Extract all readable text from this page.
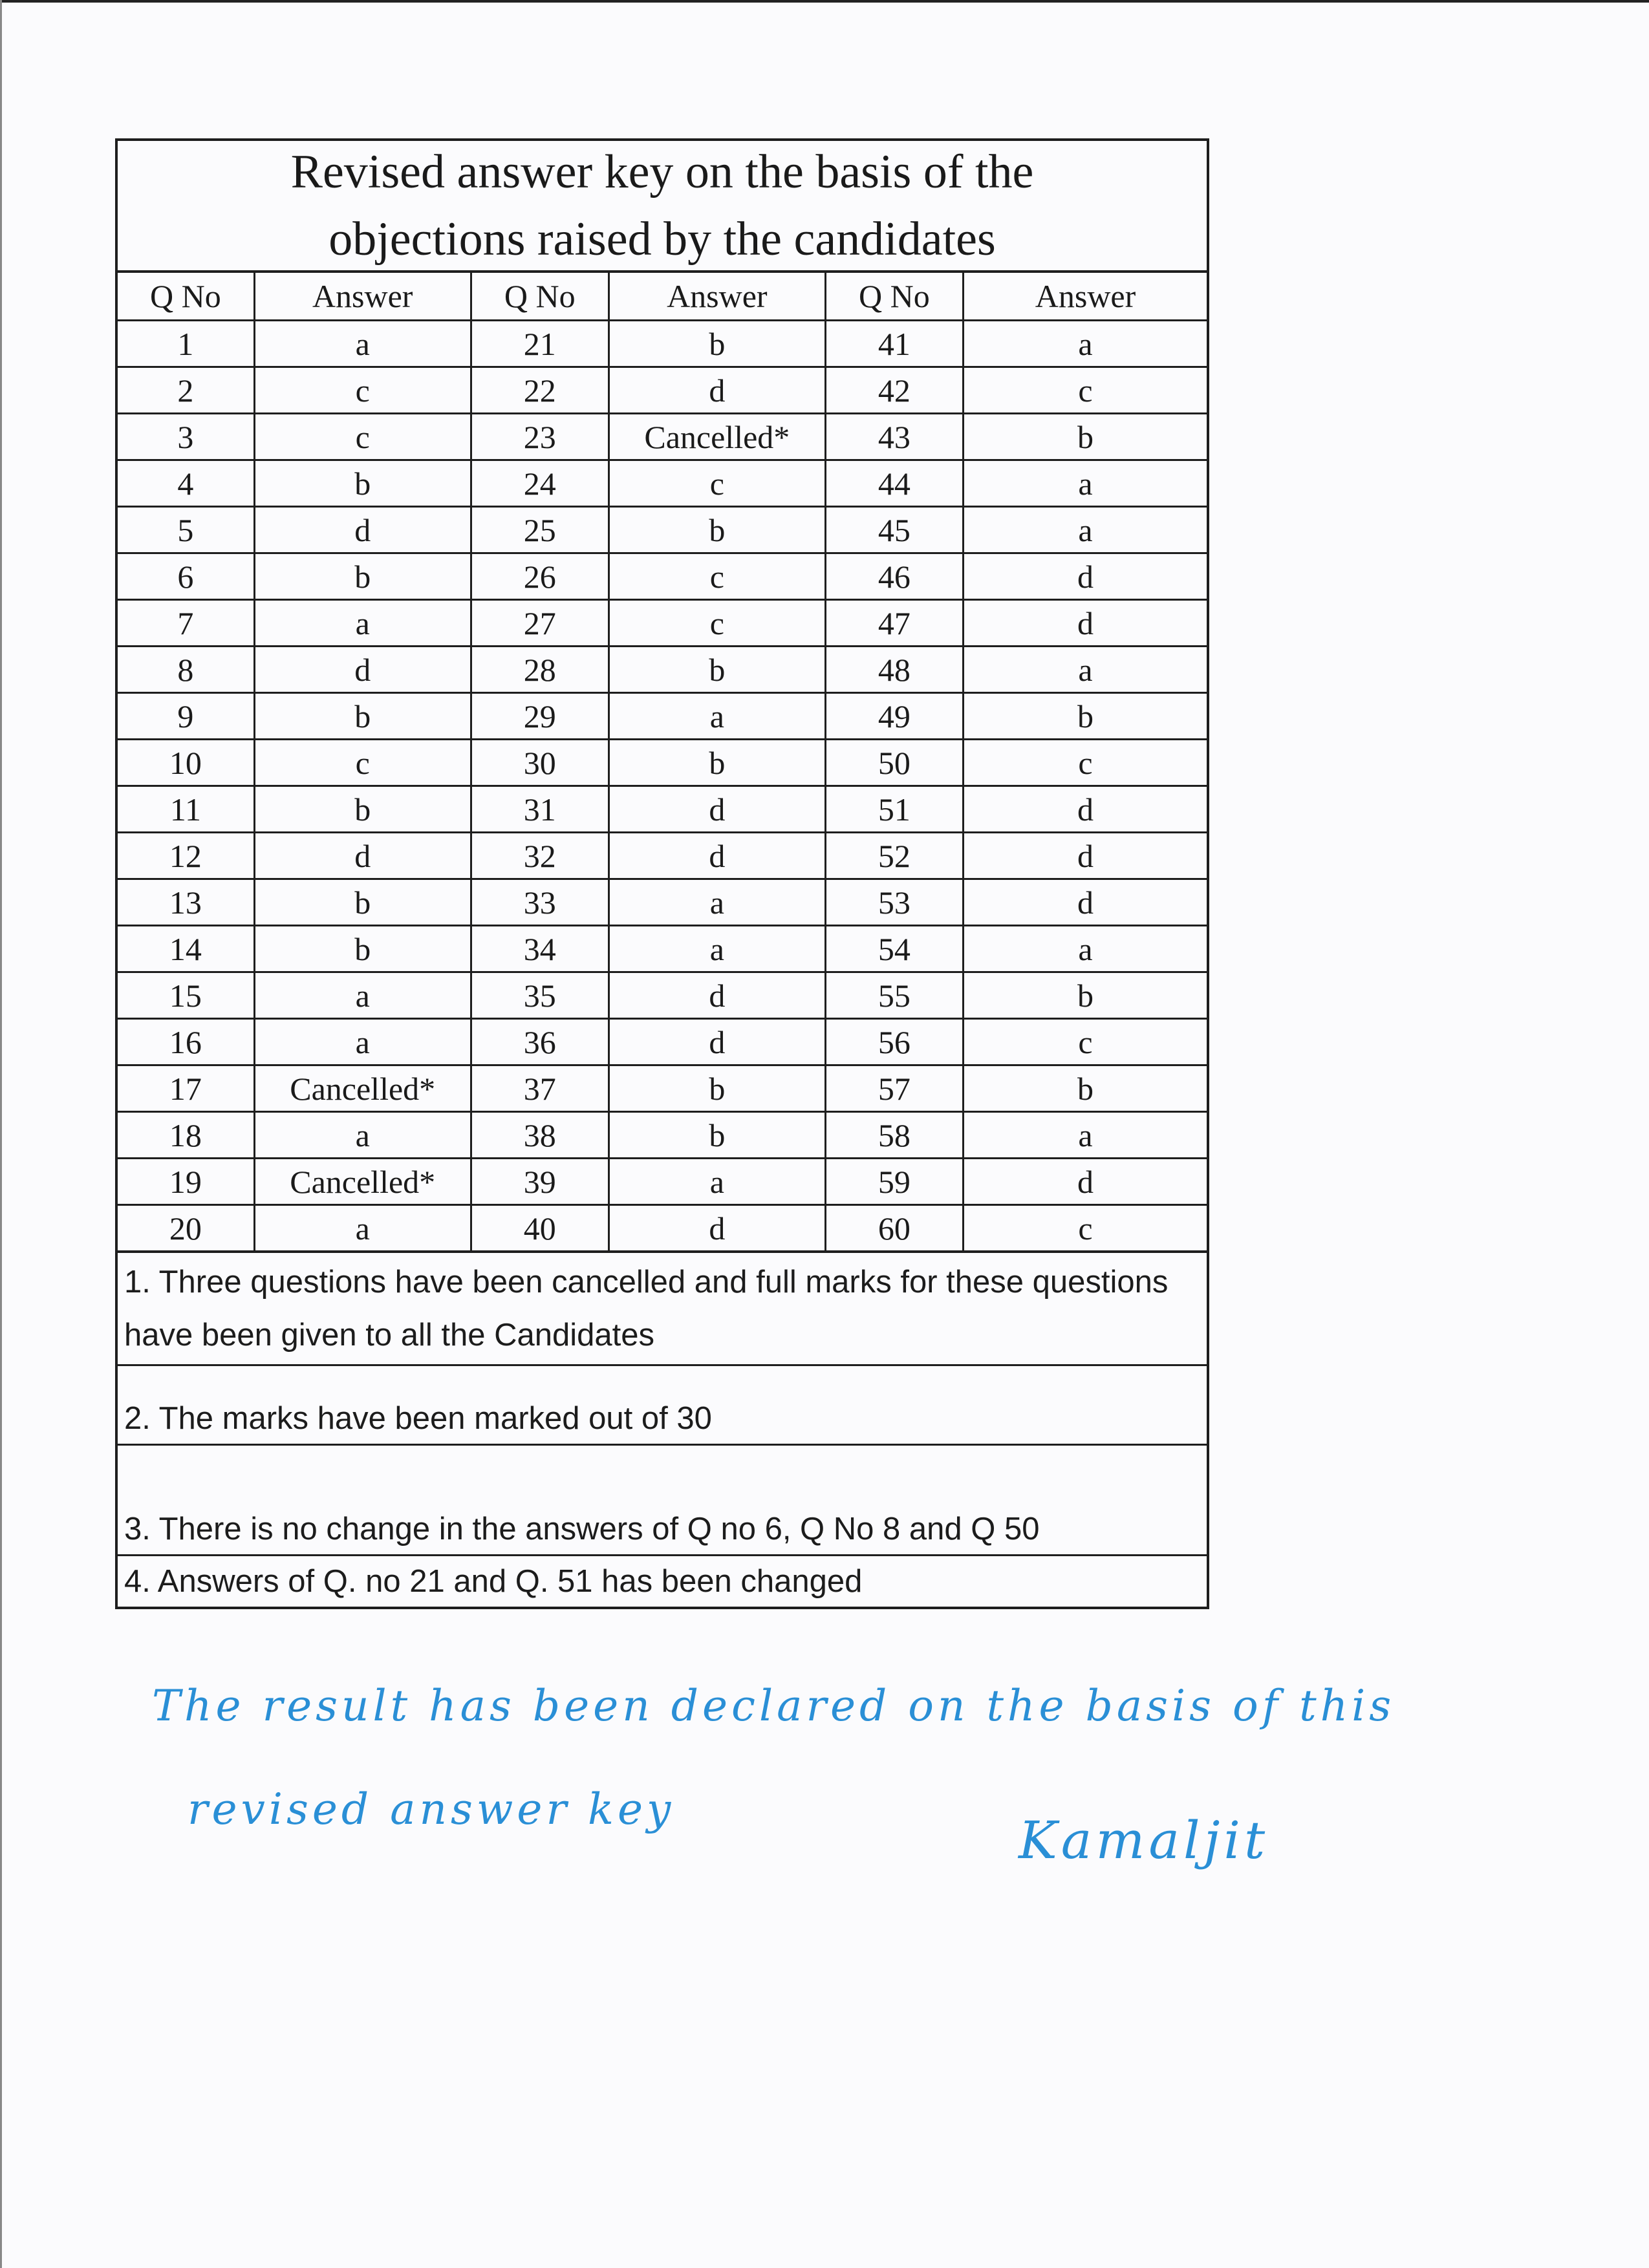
Revised answer key on the basis of the
objections raised by the candidates
Q No	Answer	Q No	Answer	Q No	Answer
1	a	21	b	41	a
2	c	22	d	42	c
3	c	23	Cancelled*	43	b
4	b	24	c	44	a
5	d	25	b	45	a
6	b	26	c	46	d
7	a	27	c	47	d
8	d	28	b	48	a
9	b	29	a	49	b
10	c	30	b	50	c
11	b	31	d	51	d
12	d	32	d	52	d
13	b	33	a	53	d
14	b	34	a	54	a
15	a	35	d	55	b
16	a	36	d	56	c
17	Cancelled*	37	b	57	b
18	a	38	b	58	a
19	Cancelled*	39	a	59	d
20	a	40	d	60	c
1. Three questions have been cancelled and full marks for these questions have been given to all the Candidates
2. The marks have been marked out of 30
3. There is no change in the answers of Q no 6, Q No 8 and Q 50
4. Answers of Q. no 21 and Q. 51 has been changed
The result has been declared on the basis of this
revised answer key
Kamaljit
